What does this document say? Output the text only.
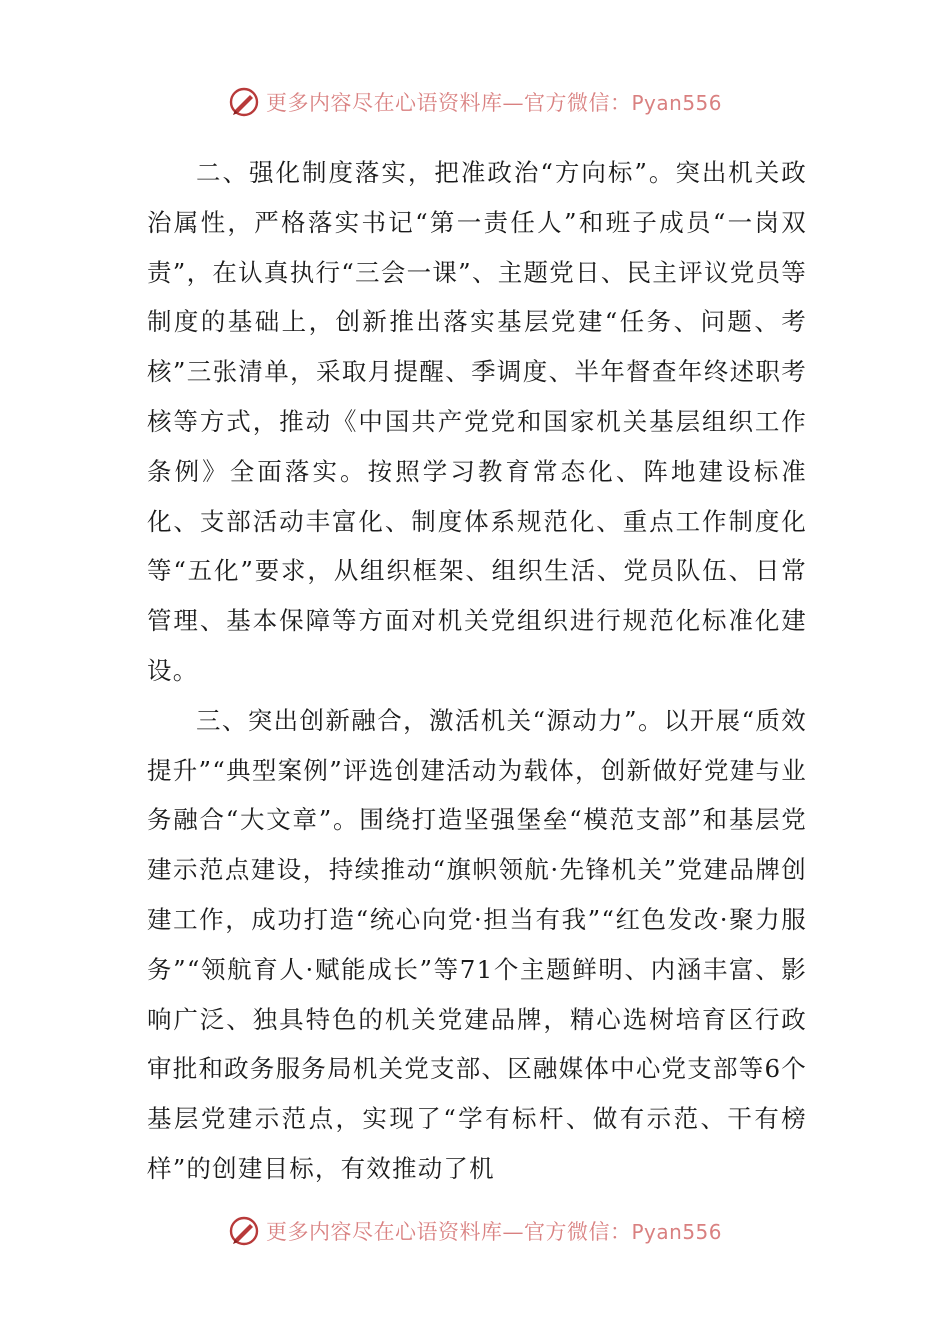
更多内容尽在心语资料库—官方微信：Pyan556

二、强化制度落实，把准政治“方向标”。突出机关政治属性，严格落实书记“第一责任人”和班子成员“一岗双责”，在认真执行“三会一课”、主题党日、民主评议党员等制度的基础上，创新推出落实基层党建“任务、问题、考核”三张清单，采取月提醒、季调度、半年督查年终述职考核等方式，推动《中国共产党党和国家机关基层组织工作条例》全面落实。按照学习教育常态化、阵地建设标准化、支部活动丰富化、制度体系规范化、重点工作制度化等“五化”要求，从组织框架、组织生活、党员队伍、日常管理、基本保障等方面对机关党组织进行规范化标准化建设。

三、突出创新融合，激活机关“源动力”。以开展“质效提升”“典型案例”评选创建活动为载体，创新做好党建与业务融合“大文章”。围绕打造坚强堡垒“模范支部”和基层党建示范点建设，持续推动“旗帜领航·先锋机关”党建品牌创建工作，成功打造“统心向党·担当有我”“红色发改·聚力服务”“领航育人·赋能成长”等71个主题鲜明、内涵丰富、影响广泛、独具特色的机关党建品牌，精心选树培育区行政审批和政务服务局机关党支部、区融媒体中心党支部等6个基层党建示范点，实现了“学有标杆、做有示范、干有榜样”的创建目标，有效推动了机

更多内容尽在心语资料库—官方微信：Pyan556
